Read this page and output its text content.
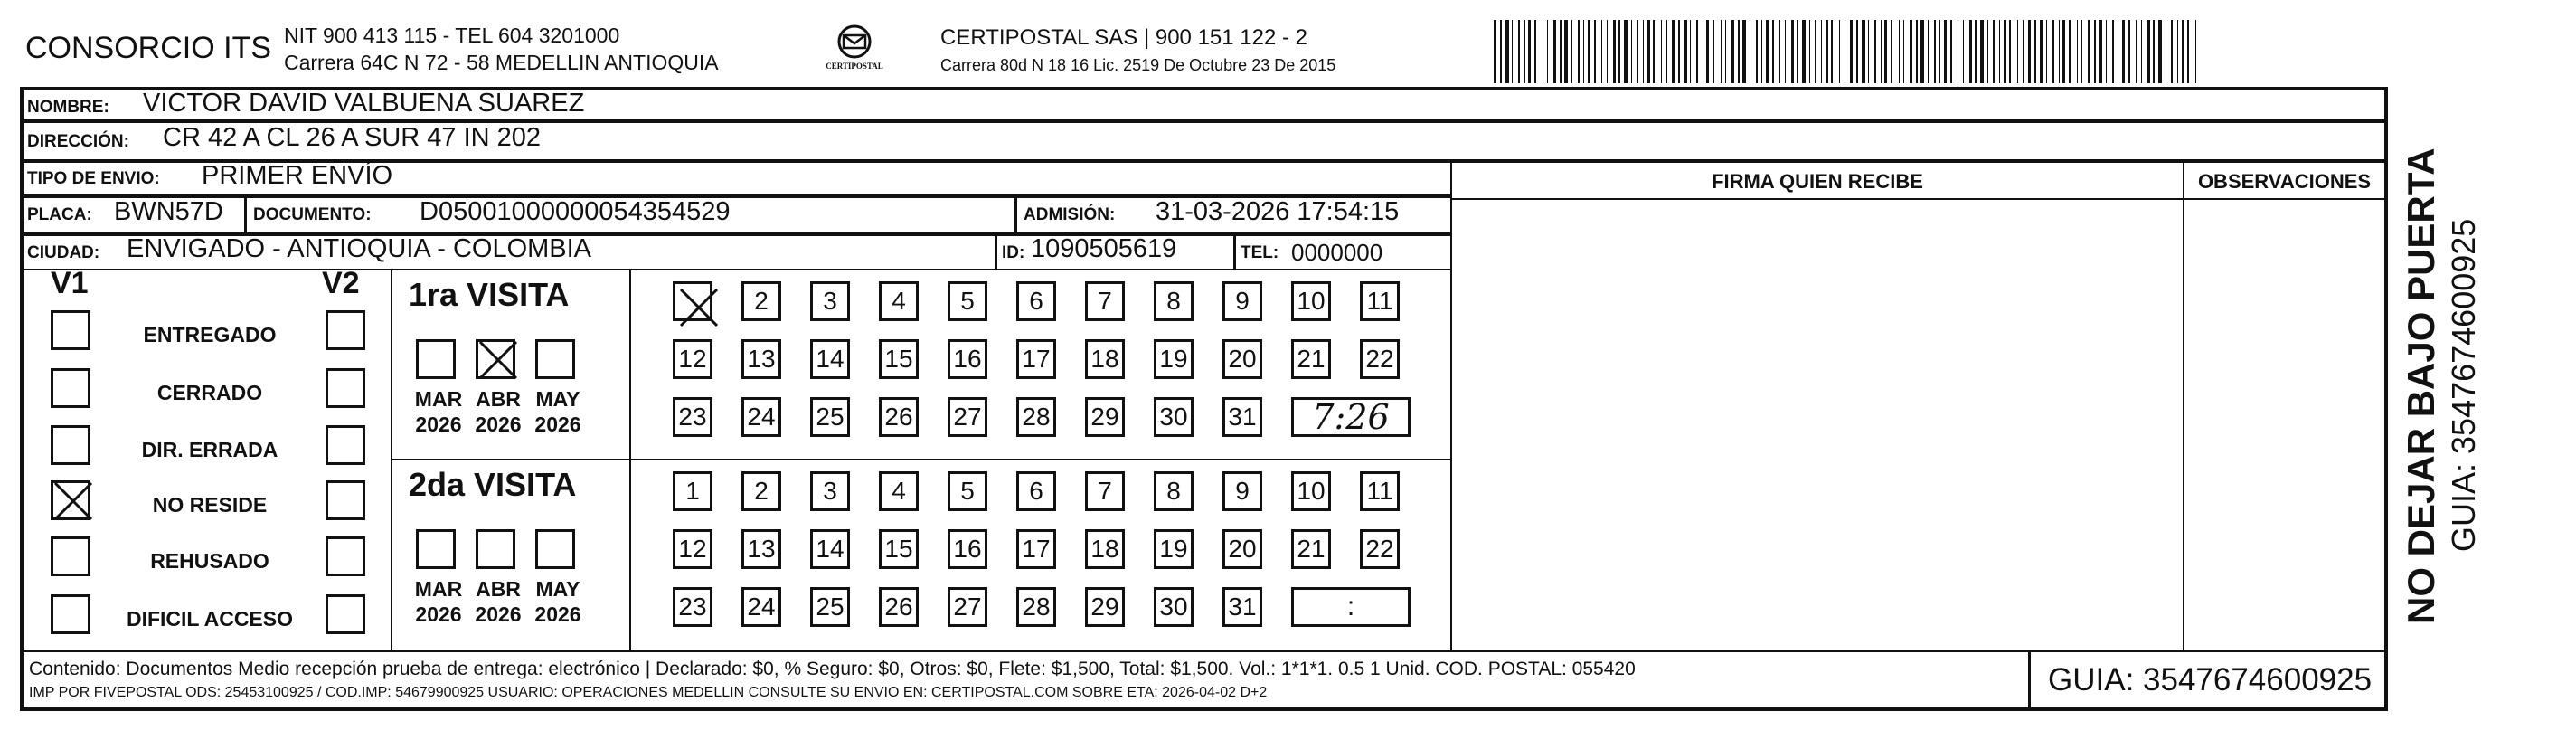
CONSORCIO ITS NIT 900 413 115 - TEL 604 3201000
Carrera 64C N 72 - 58 MEDELLIN ANTIOQUIA	CERTIPOSTAL
CERTIPOSTAL SAS | 900 151 122 - 2
Carrera 80d N 18 16 Lic. 2519 De Octubre 23 De 2015
NOMBRE: VICTOR DAVID VALBUENA SUAREZ
DIRECCIÓN: CR 42 A CL 26 A SUR 47 IN 202
TIPO DE ENVIO: PRIMER ENVÍO
PLACA: BWN57D DOCUMENTO: D05001000000054354529	ADMISIÓN: 31-03-2026 17:54:15
CIUDAD: ENVIGADO - ANTIOQUIA - COLOMBIA	ID: 1090505619	TEL: 0000000
FIRMA QUIEN RECIBE	OBSERVACIONES
V1	V2
ENTREGADO
CERRADO
DIR. ERRADA
NO RESIDE
REHUSADO
DIFICIL ACCESO
1ra VISITA
MAR
2026
ABR
2026
MAY
2026
2	3	4	5	6	7	8	9	10 11
12 13 14 15 16 17 18 19 20 21 22
23 24 25 26 27 28 29 30 31	7:26
2da VISITA
MAR
2026
ABR
2026
MAY
2026
1	2	3	4	5	6	7	8	9	10 11
12 13 14 15 16 17 18 19 20 21 22
23 24 25 26 27 28 29 30 31	:
Contenido: Documentos Medio recepción prueba de entrega: electrónico | Declarado: $0, % Seguro: $0, Otros: $0, Flete: $1,500, Total: $1,500. Vol.: 1*1*1. 0.5 1 Unid. COD. POSTAL: 055420
IMP POR FIVEPOSTAL ODS: 25453100925 / COD.IMP: 54679900925 USUARIO: OPERACIONES MEDELLIN CONSULTE SU ENVIO EN: CERTIPOSTAL.COM SOBRE ETA: 2026-04-02 D+2	GUIA: 3547674600925
NO DEJAR BAJO PUERTA GUIA: 3547674600925
